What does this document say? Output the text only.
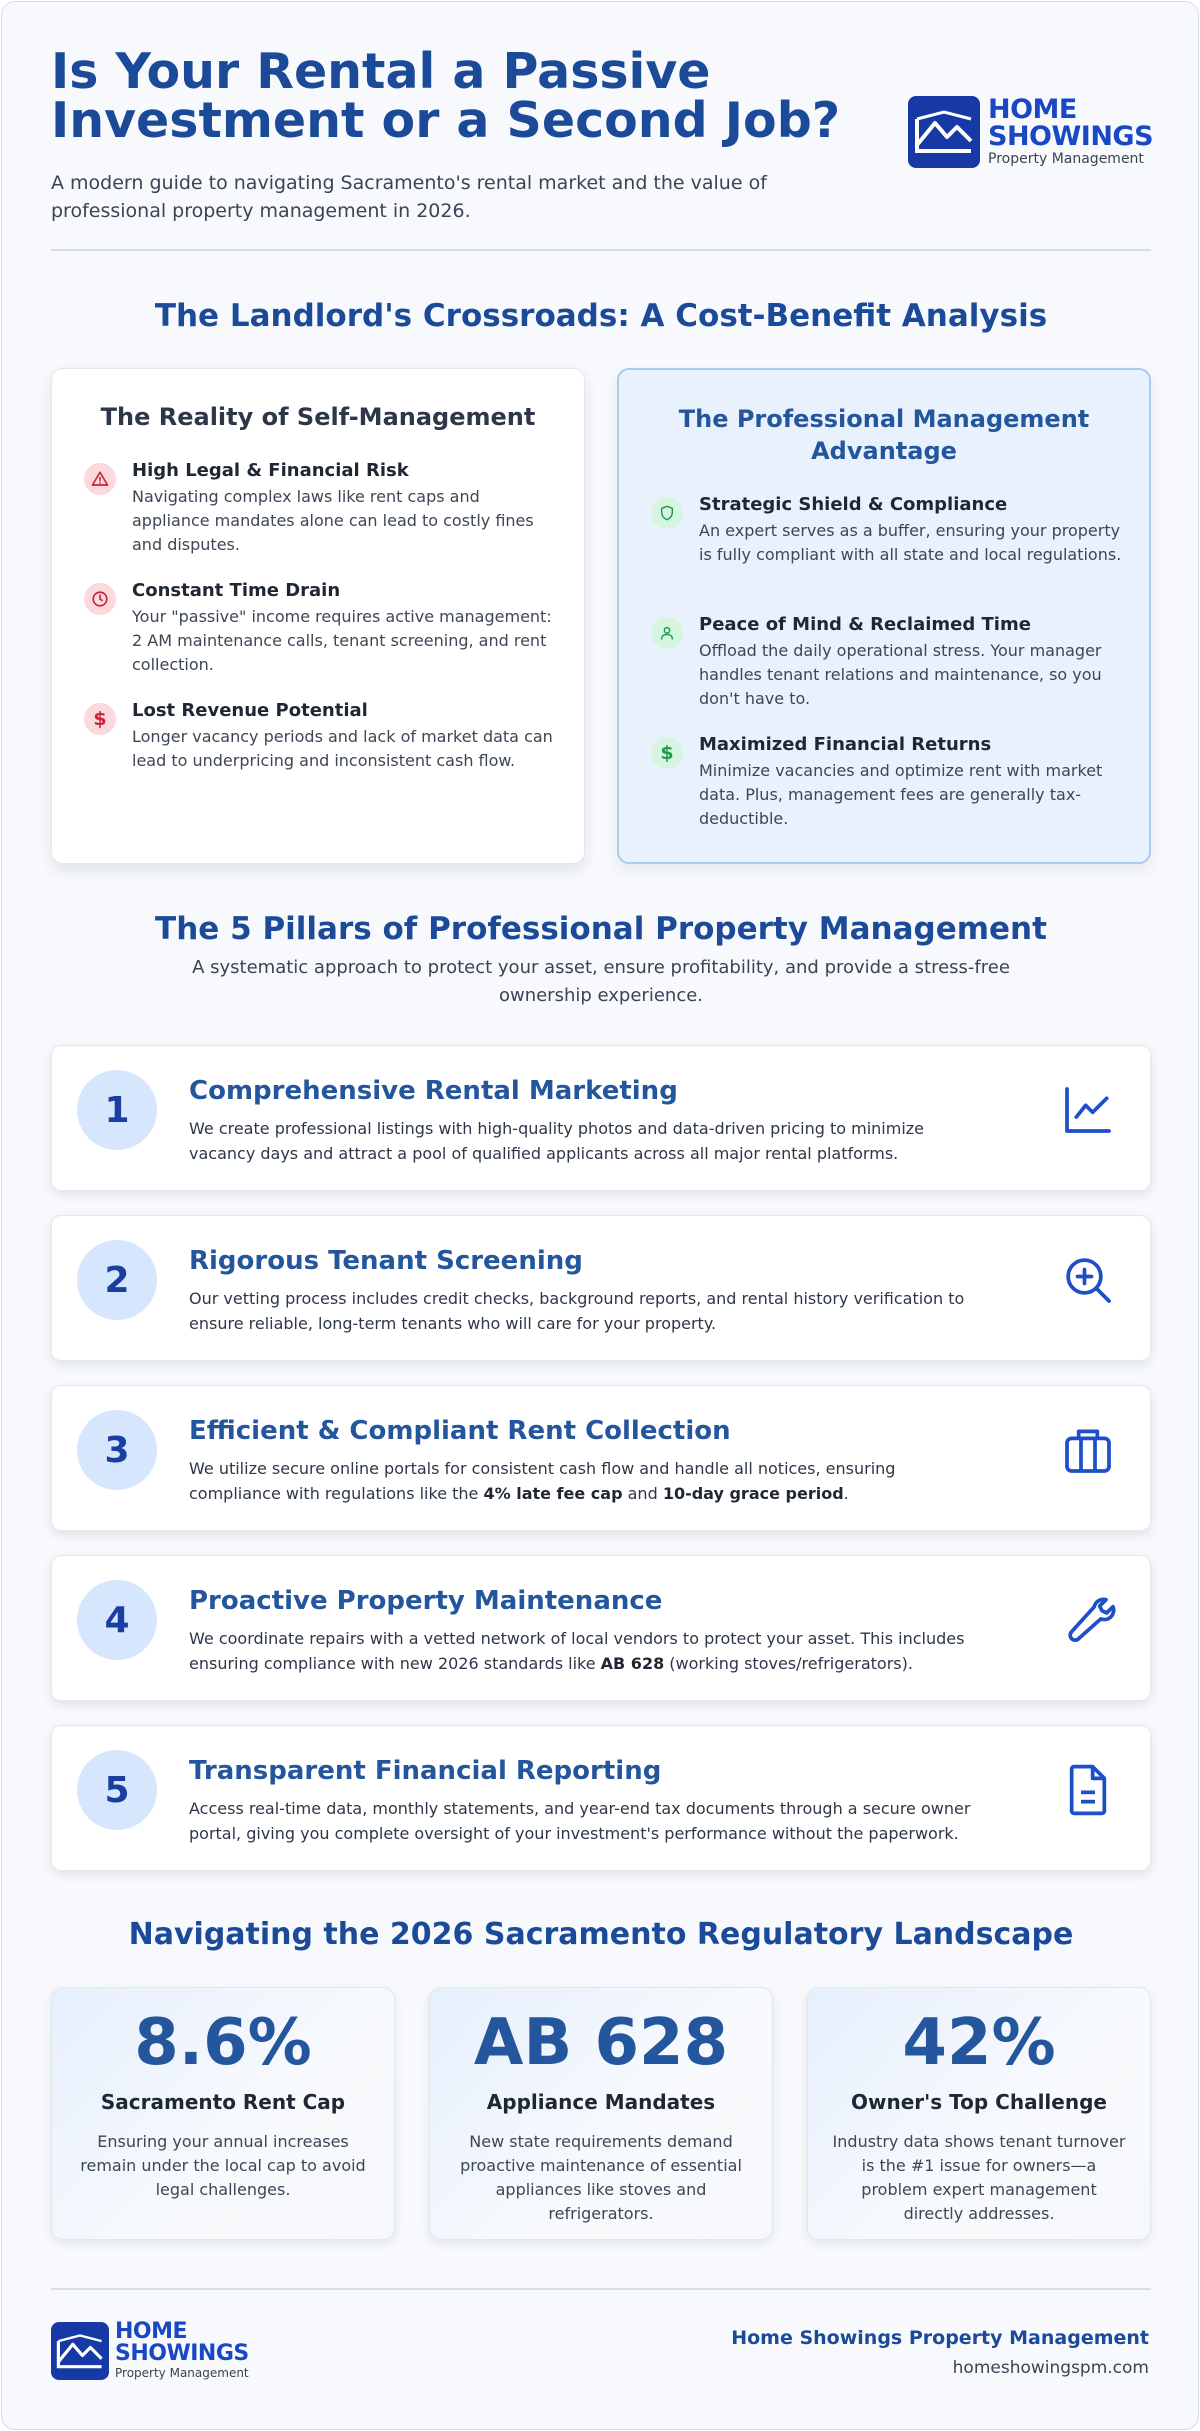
Is Your Rental a Passive Investment or a Second Job?

A modern guide to navigating Sacramento's rental market and the value of professional property management in 2026.

HOME
SHOWINGS
Property Management
The Landlord's Crossroads: A Cost-Benefit Analysis
The Reality of Self-Management
High Legal & Financial Risk
Navigating complex laws like rent caps and appliance mandates alone can lead to costly fines and disputes.
Constant Time Drain
Your "passive" income requires active management: 2 AM maintenance calls, tenant screening, and rent collection.
$ Lost Revenue Potential
Longer vacancy periods and lack of market data can lead to underpricing and inconsistent cash flow.
The Professional Management Advantage
Strategic Shield & Compliance
An expert serves as a buffer, ensuring your property is fully compliant with all state and local regulations.
Peace of Mind & Reclaimed Time
Offload the daily operational stress. Your manager handles tenant relations and maintenance, so you don't have to.
$ Maximized Financial Returns
Minimize vacancies and optimize rent with market data. Plus, management fees are generally tax-deductible.
The 5 Pillars of Professional Property Management
A systematic approach to protect your asset, ensure profitability, and provide a stress-free ownership experience.
1	Comprehensive Rental Marketing
We create professional listings with high-quality photos and data-driven pricing to minimize vacancy days and attract a pool of qualified applicants across all major rental platforms.
2	Rigorous Tenant Screening
Our vetting process includes credit checks, background reports, and rental history verification to ensure reliable, long-term tenants who will care for your property.
3	Efficient & Compliant Rent Collection
We utilize secure online portals for consistent cash flow and handle all notices, ensuring compliance with regulations like the 4% late fee cap and 10-day grace period.
4	Proactive Property Maintenance
We coordinate repairs with a vetted network of local vendors to protect your asset. This includes ensuring compliance with new 2026 standards like AB 628 (working stoves/refrigerators).
5	Transparent Financial Reporting
Access real-time data, monthly statements, and year-end tax documents through a secure owner portal, giving you complete oversight of your investment's performance without the paperwork.
Navigating the 2026 Sacramento Regulatory Landscape
8.6%
Sacramento Rent Cap
Ensuring your annual increases remain under the local cap to avoid legal challenges.
AB 628
Appliance Mandates
New state requirements demand proactive maintenance of essential appliances like stoves and refrigerators.
42%
Owner's Top Challenge
Industry data shows tenant turnover is the #1 issue for owners—a problem expert management directly addresses.
HOME
SHOWINGS
Property Management
Home Showings Property Management
homeshowingspm.com
